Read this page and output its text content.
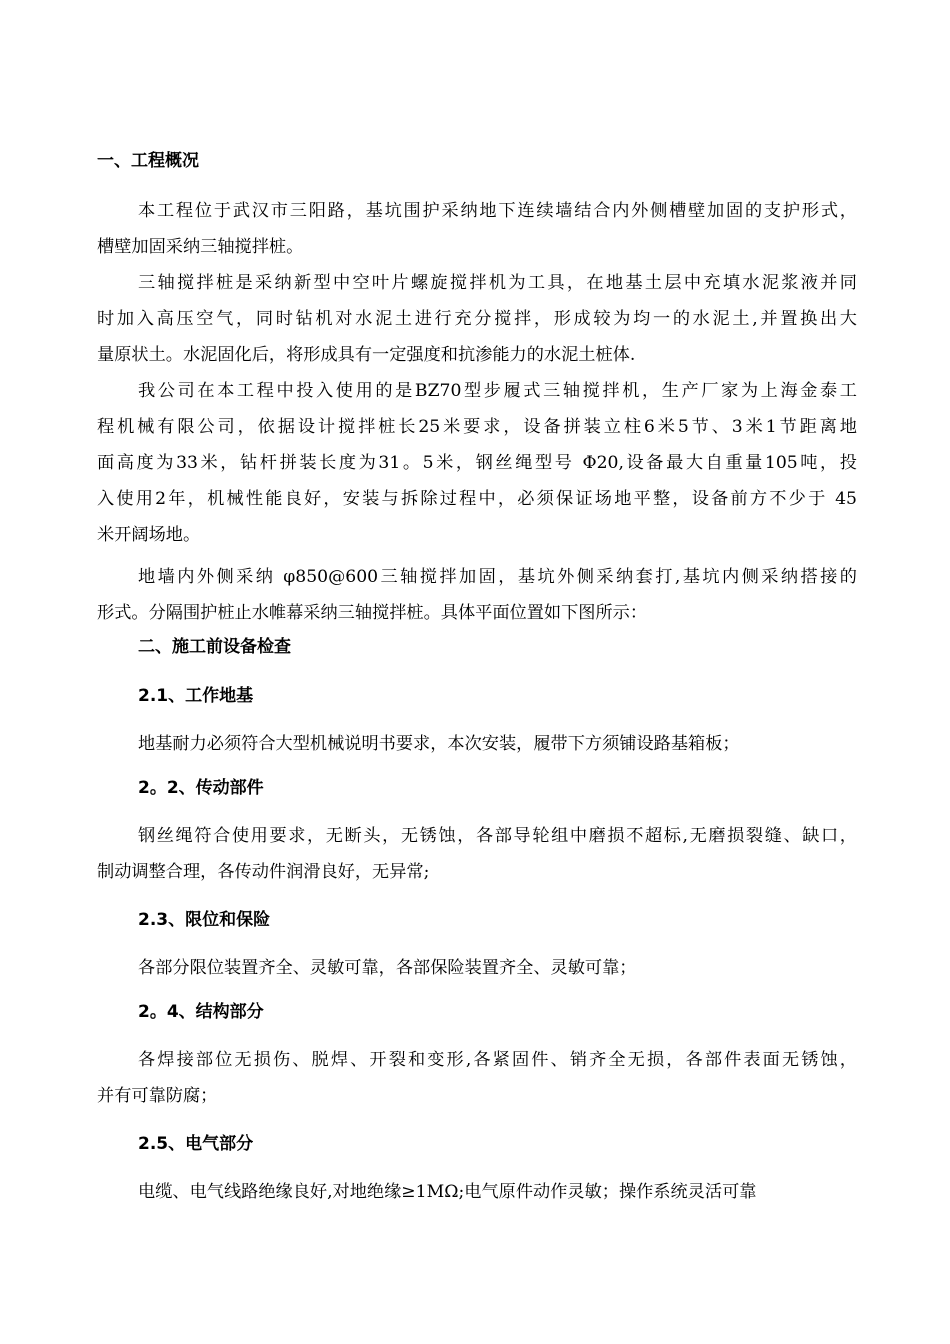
一、工程概况
本工程位于武汉市三阳路，基坑围护采纳地下连续墙结合内外侧槽壁加固的支护形式，
槽壁加固采纳三轴搅拌桩。
三轴搅拌桩是采纳新型中空叶片螺旋搅拌机为工具，在地基土层中充填水泥浆液并同
时加入高压空气，同时钻机对水泥土进行充分搅拌，形成较为均一的水泥土,并置换出大
量原状土。水泥固化后，将形成具有一定强度和抗渗能力的水泥土桩体.
我公司在本工程中投入使用的是BZ70型步履式三轴搅拌机，生产厂家为上海金泰工
程机械有限公司，依据设计搅拌桩长25米要求，设备拼装立柱6米5节、3米1节距离地
面高度为33米，钻杆拼装长度为31。5米，钢丝绳型号 Φ20,设备最大自重量105吨，投
入使用2年，机械性能良好，安装与拆除过程中，必须保证场地平整，设备前方不少于 45
米开阔场地。
地墙内外侧采纳 φ850@600三轴搅拌加固，基坑外侧采纳套打,基坑内侧采纳搭接的
形式。分隔围护桩止水帷幕采纳三轴搅拌桩。具体平面位置如下图所示：
二、施工前设备检查
2.1、工作地基
地基耐力必须符合大型机械说明书要求，本次安装，履带下方须铺设路基箱板；
2。2、传动部件
钢丝绳符合使用要求，无断头，无锈蚀，各部导轮组中磨损不超标,无磨损裂缝、缺口，
制动调整合理，各传动件润滑良好，无异常;
2.3、限位和保险
各部分限位装置齐全、灵敏可靠，各部保险装置齐全、灵敏可靠；
2。4、结构部分
各焊接部位无损伤、脱焊、开裂和变形,各紧固件、销齐全无损，各部件表面无锈蚀，
并有可靠防腐；
2.5、电气部分
电缆、电气线路绝缘良好,对地绝缘≥1MΩ;电气原件动作灵敏；操作系统灵活可靠
